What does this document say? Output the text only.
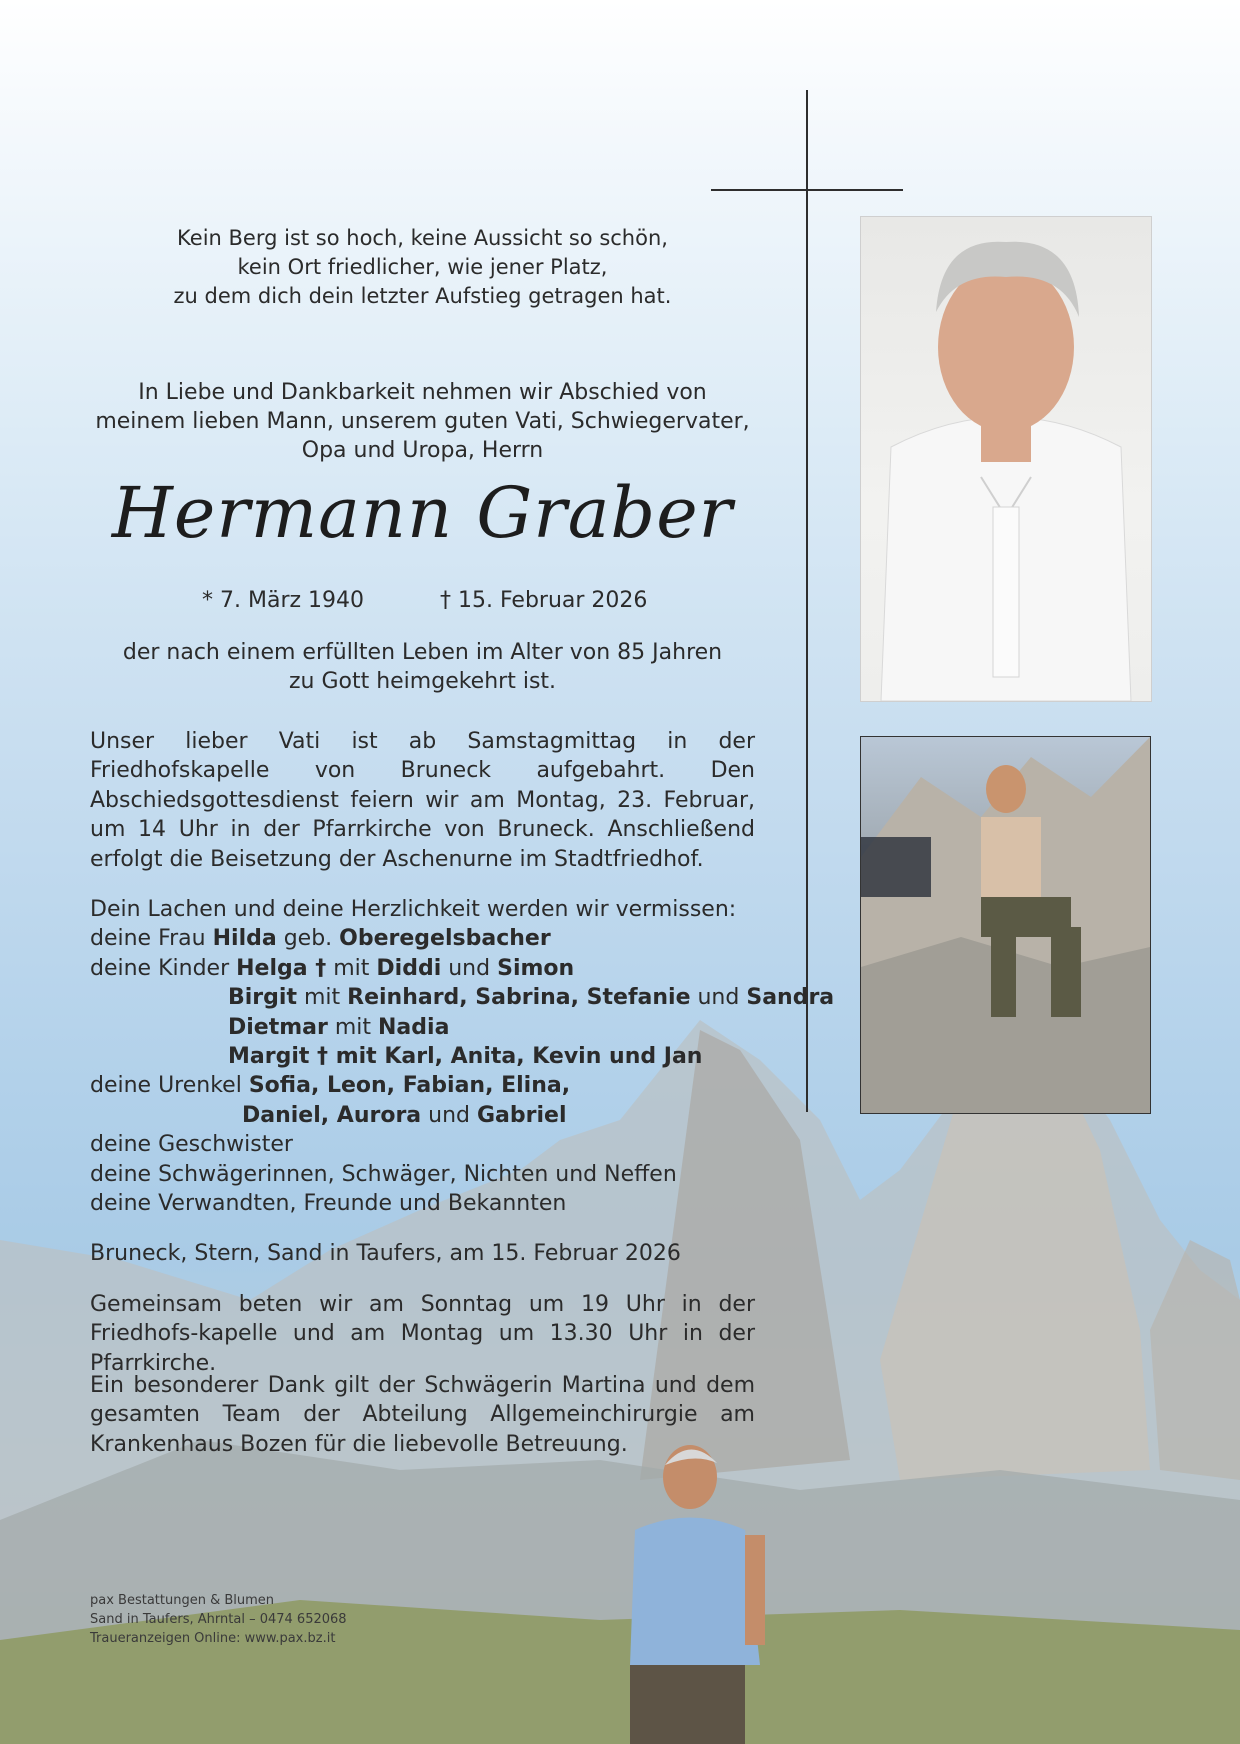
Kein Berg ist so hoch, keine Aussicht so schön,
kein Ort friedlicher, wie jener Platz,
zu dem dich dein letzter Aufstieg getragen hat.
In Liebe und Dankbarkeit nehmen wir Abschied von
meinem lieben Mann, unserem guten Vati, Schwiegervater,
Opa und Uropa, Herrn
Hermann Graber
* 7. März 1940	† 15. Februar 2026
der nach einem erfüllten Leben im Alter von 85 Jahren
zu Gott heimgekehrt ist.
Unser lieber Vati ist ab Samstagmittag in der Friedhofskapelle von Bruneck aufgebahrt. Den Abschiedsgottesdienst feiern wir am Montag, 23. Februar, um 14 Uhr in der Pfarrkirche von Bruneck. Anschließend erfolgt die Beisetzung der Aschenurne im Stadtfriedhof.
Dein Lachen und deine Herzlichkeit werden wir vermissen:
deine Frau Hilda geb. Oberegelsbacher
deine Kinder Helga † mit Diddi und Simon
Birgit mit Reinhard, Sabrina, Stefanie und Sandra
Dietmar mit Nadia
Margit † mit Karl, Anita, Kevin und Jan
deine Urenkel Sofia, Leon, Fabian, Elina,
Daniel, Aurora und Gabriel
deine Geschwister
deine Schwägerinnen, Schwäger, Nichten und Neffen
deine Verwandten, Freunde und Bekannten
Bruneck, Stern, Sand in Taufers, am 15. Februar 2026
Gemeinsam beten wir am Sonntag um 19 Uhr in der Friedhofs-kapelle und am Montag um 13.30 Uhr in der Pfarrkirche.
Ein besonderer Dank gilt der Schwägerin Martina und dem gesamten Team der Abteilung Allgemeinchirurgie am Krankenhaus Bozen für die liebevolle Betreuung.
pax Bestattungen & Blumen
Sand in Taufers, Ahrntal – 0474 652068
Traueranzeigen Online: www.pax.bz.it
